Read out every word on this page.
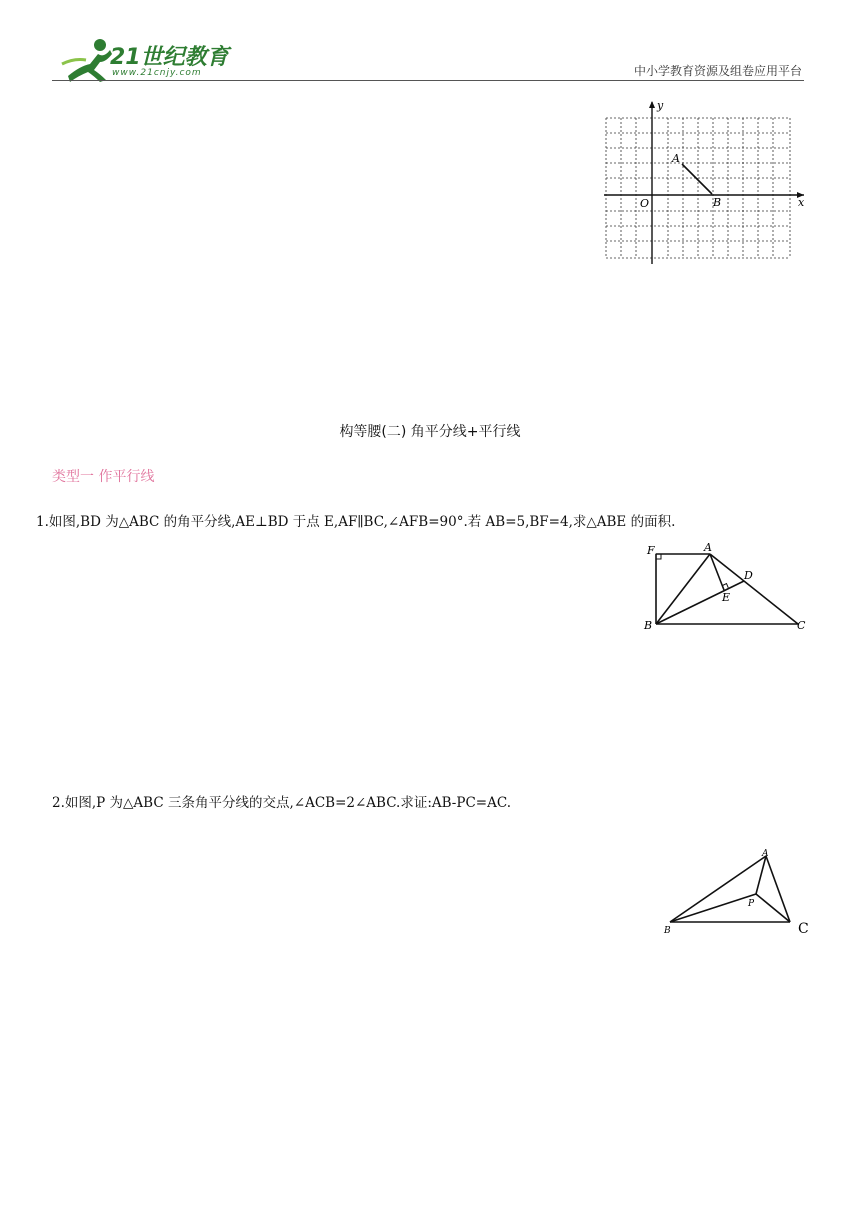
21世纪教育
www.21cnjy.com	中小学教育资源及组卷应用平台
y
x
O
A
B
构等腰(二) 角平分线+平行线
类型一 作平行线
1.如图,BD 为△ABC 的角平分线,AE⊥BD 于点 E,AF∥BC,∠AFB=90°.若 AB=5,BF=4,求△ABE 的面积.
F	A
D
E
B	C
2.如图,P 为△ABC 三条角平分线的交点,∠ACB=2∠ABC.求证:AB-PC=AC.
A
P
B	C
